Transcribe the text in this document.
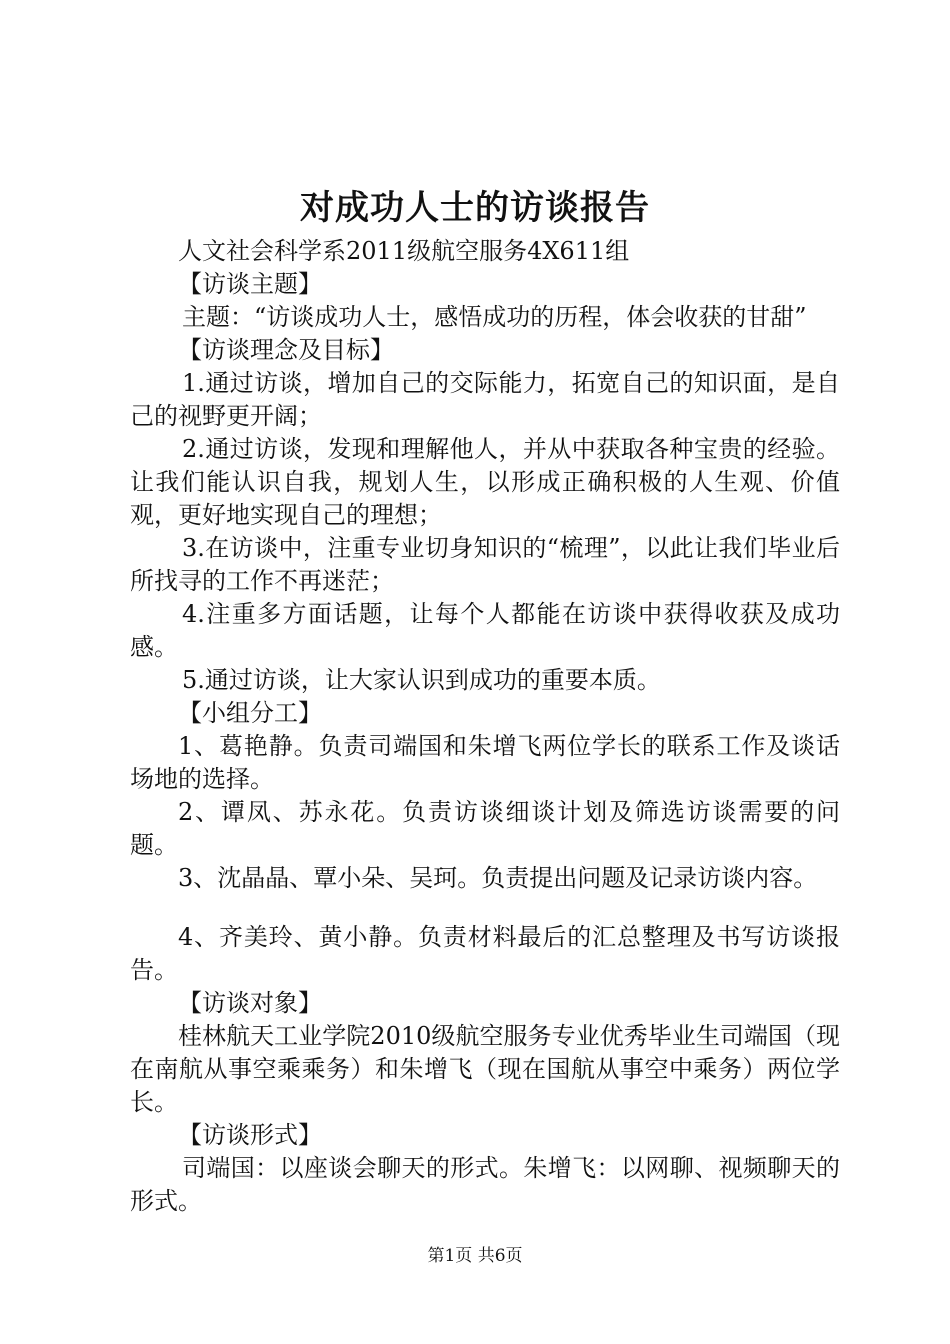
对成功人士的访谈报告

人文社会科学系2011级航空服务4X611组

【访谈主题】

主题：“访谈成功人士，感悟成功的历程，体会收获的甘甜”

【访谈理念及目标】

1.通过访谈，增加自己的交际能力，拓宽自己的知识面，是自己的视野更开阔；

2.通过访谈，发现和理解他人，并从中获取各种宝贵的经验。让我们能认识自我，规划人生，以形成正确积极的人生观、价值观，更好地实现自己的理想；

3.在访谈中，注重专业切身知识的“梳理”，以此让我们毕业后所找寻的工作不再迷茫；

4.注重多方面话题，让每个人都能在访谈中获得收获及成功感。

5.通过访谈，让大家认识到成功的重要本质。

【小组分工】

1、葛艳静。负责司端国和朱增飞两位学长的联系工作及谈话场地的选择。

2、谭凤、苏永花。负责访谈细谈计划及筛选访谈需要的问题。

3、沈晶晶、覃小朵、吴珂。负责提出问题及记录访谈内容。

4、齐美玲、黄小静。负责材料最后的汇总整理及书写访谈报告。

【访谈对象】

桂林航天工业学院2010级航空服务专业优秀毕业生司端国（现在南航从事空乘乘务）和朱增飞（现在国航从事空中乘务）两位学长。

【访谈形式】

司端国：以座谈会聊天的形式。朱增飞：以网聊、视频聊天的形式。

第1页 共6页
